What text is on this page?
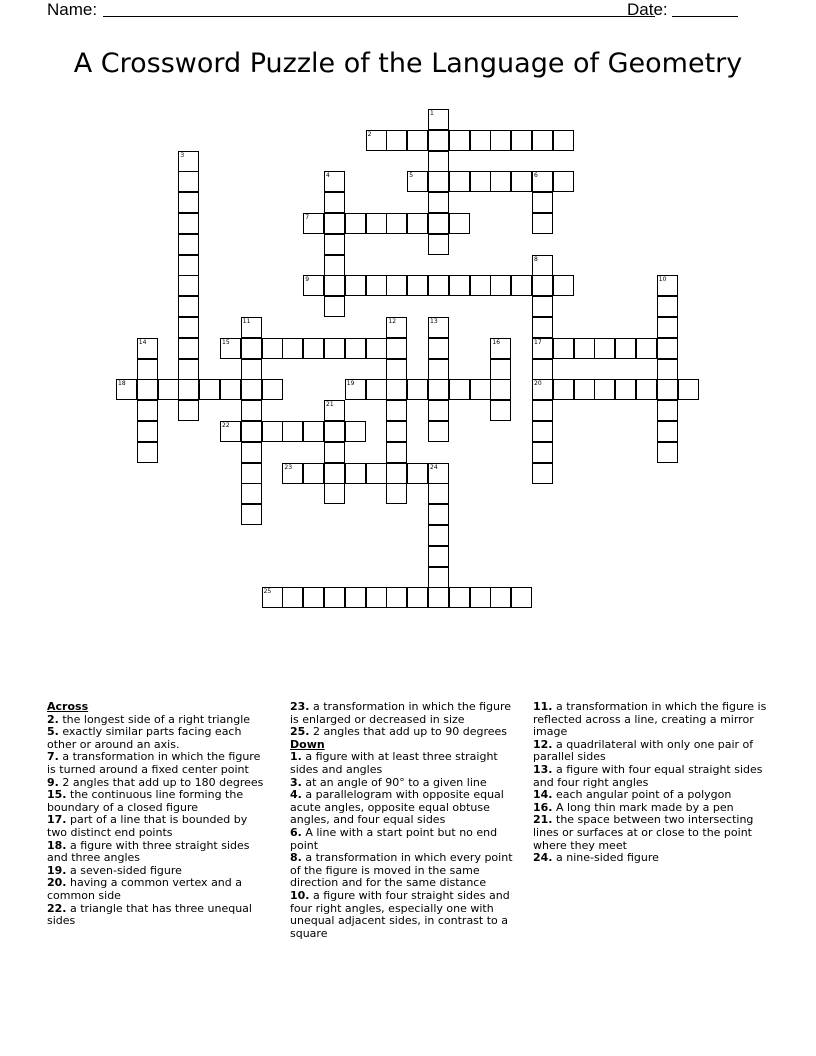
Name:	Date:
A Crossword Puzzle of the Language of Geometry
1
2
3
4	5	6
7
8
17
20
9	10
11	12	13
14	15	16
18	19
21
22
23	24
25
Across
2. the longest side of a right triangle
5. exactly similar parts facing each other or around an axis.
7. a transformation in which the figure is turned around a fixed center point
9. 2 angles that add up to 180 degrees
15. the continuous line forming the boundary of a closed figure
17. part of a line that is bounded by two distinct end points
18. a figure with three straight sides and three angles
19. a seven-sided figure
20. having a common vertex and a common side
22. a triangle that has three unequal sides
23. a transformation in which the figure is enlarged or decreased in size
25. 2 angles that add up to 90 degrees
Down
1. a figure with at least three straight sides and angles
3. at an angle of 90° to a given line
4. a parallelogram with opposite equal acute angles, opposite equal obtuse angles, and four equal sides
6. A line with a start point but no end point
8. a transformation in which every point of the figure is moved in the same direction and for the same distance
10. a figure with four straight sides and four right angles, especially one with unequal adjacent sides, in contrast to a square
11. a transformation in which the figure is reflected across a line, creating a mirror image
12. a quadrilateral with only one pair of parallel sides
13. a figure with four equal straight sides and four right angles
14. each angular point of a polygon
16. A long thin mark made by a pen
21. the space between two intersecting lines or surfaces at or close to the point where they meet
24. a nine-sided figure
